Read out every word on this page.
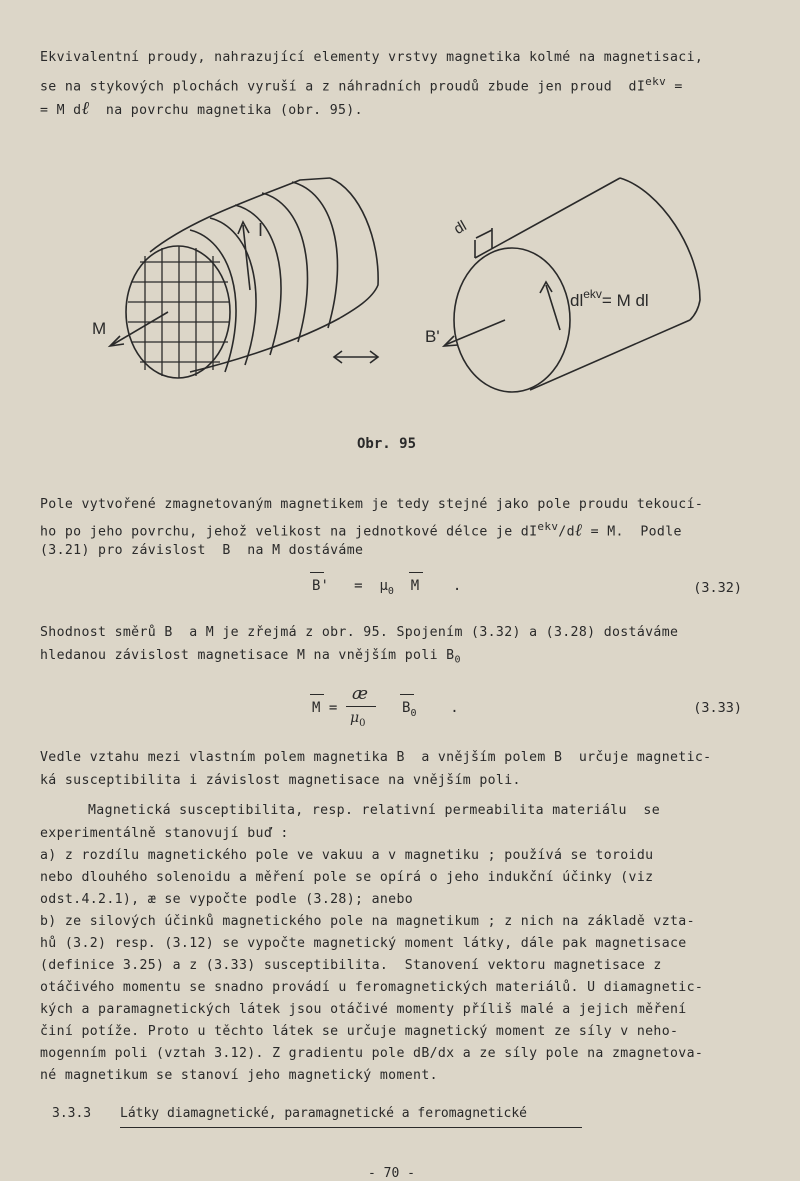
Ekvivalentní proudy, nahrazující elementy vrstvy magnetika kolmé na magnetisaci,
se na stykových plochách vyruší a z náhradních proudů zbude jen proud  $dI^{ekv}$ =
= M dℓ na povrchu magnetika (obr. 95).
I
M
dl
$dl^{ekv}= M$ dl
B'
Obr. 95
Pole vytvořené zmagnetovaným magnetikem je tedy stejné jako pole proudu tekoucí-
ho po jeho povrchu, jehož velikost na jednotkové délce je $dI^{ekv}/d\ell = M$.  Podle
(3.21) pro závislost  B  na M dostáváme
$B' = \mu_0$ M .	(3.32)
Shodnost směrů B  a M je zřejmá z obr. 95. Spojením (3.32) a (3.28) dostáváme
hledanou závislost magnetisace M na vnějším poli $B_0$
M =
æ
$\mu_0$
$B_0$ .	(3.33)
Vedle vztahu mezi vlastním polem magnetika B  a vnějším polem B  určuje magnetic-
ká susceptibilita i závislost magnetisace na vnějším poli.
Magnetická susceptibilita, resp. relativní permeabilita materiálu  se
experimentálně stanovují buď :
a) z rozdílu magnetického pole ve vakuu a v magnetiku ; používá se toroidu
nebo dlouhého solenoidu a měření pole se opírá o jeho indukční účinky (viz
odst.4.2.1), æ se vypočte podle (3.28); anebo
b) ze silových účinků magnetického pole na magnetikum ; z nich na základě vzta-
hů (3.2) resp. (3.12) se vypočte magnetický moment látky, dále pak magnetisace
(definice 3.25) a z (3.33) susceptibilita.  Stanovení vektoru magnetisace z
otáčivého momentu se snadno provádí u feromagnetických materiálů. U diamagnetic-
kých a paramagnetických látek jsou otáčivé momenty příliš malé a jejich měření
činí potíže. Proto u těchto látek se určuje magnetický moment ze síly v neho-
mogenním poli (vztah 3.12). Z gradientu pole dB/dx a ze síly pole na zmagnetova-
né magnetikum se stanoví jeho magnetický moment.
3.3.3 Látky diamagnetické, paramagnetické a feromagnetické
- 70 -
